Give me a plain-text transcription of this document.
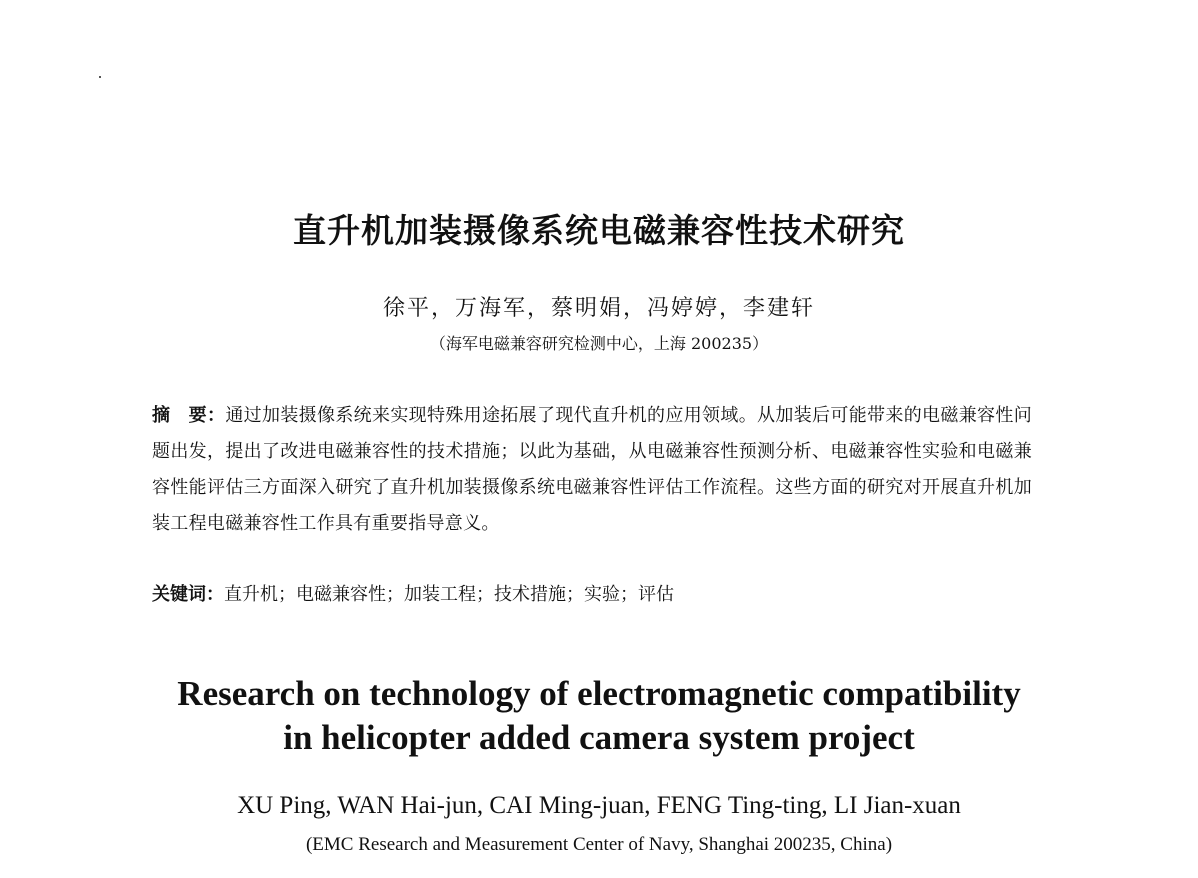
直升机加装摄像系统电磁兼容性技术研究
徐平，万海军，蔡明娟，冯婷婷，李建轩
（海军电磁兼容研究检测中心，上海 200235）
摘　要：通过加装摄像系统来实现特殊用途拓展了现代直升机的应用领域。从加装后可能带来的电磁兼容性问题出发，提出了改进电磁兼容性的技术措施；以此为基础，从电磁兼容性预测分析、电磁兼容性实验和电磁兼容性能评估三方面深入研究了直升机加装摄像系统电磁兼容性评估工作流程。这些方面的研究对开展直升机加装工程电磁兼容性工作具有重要指导意义。
关键词：直升机；电磁兼容性；加装工程；技术措施；实验；评估
Research on technology of electromagnetic compatibility
in helicopter added camera system project
XU Ping, WAN Hai-jun, CAI Ming-juan, FENG Ting-ting, LI Jian-xuan
(EMC Research and Measurement Center of Navy, Shanghai 200235, China)
